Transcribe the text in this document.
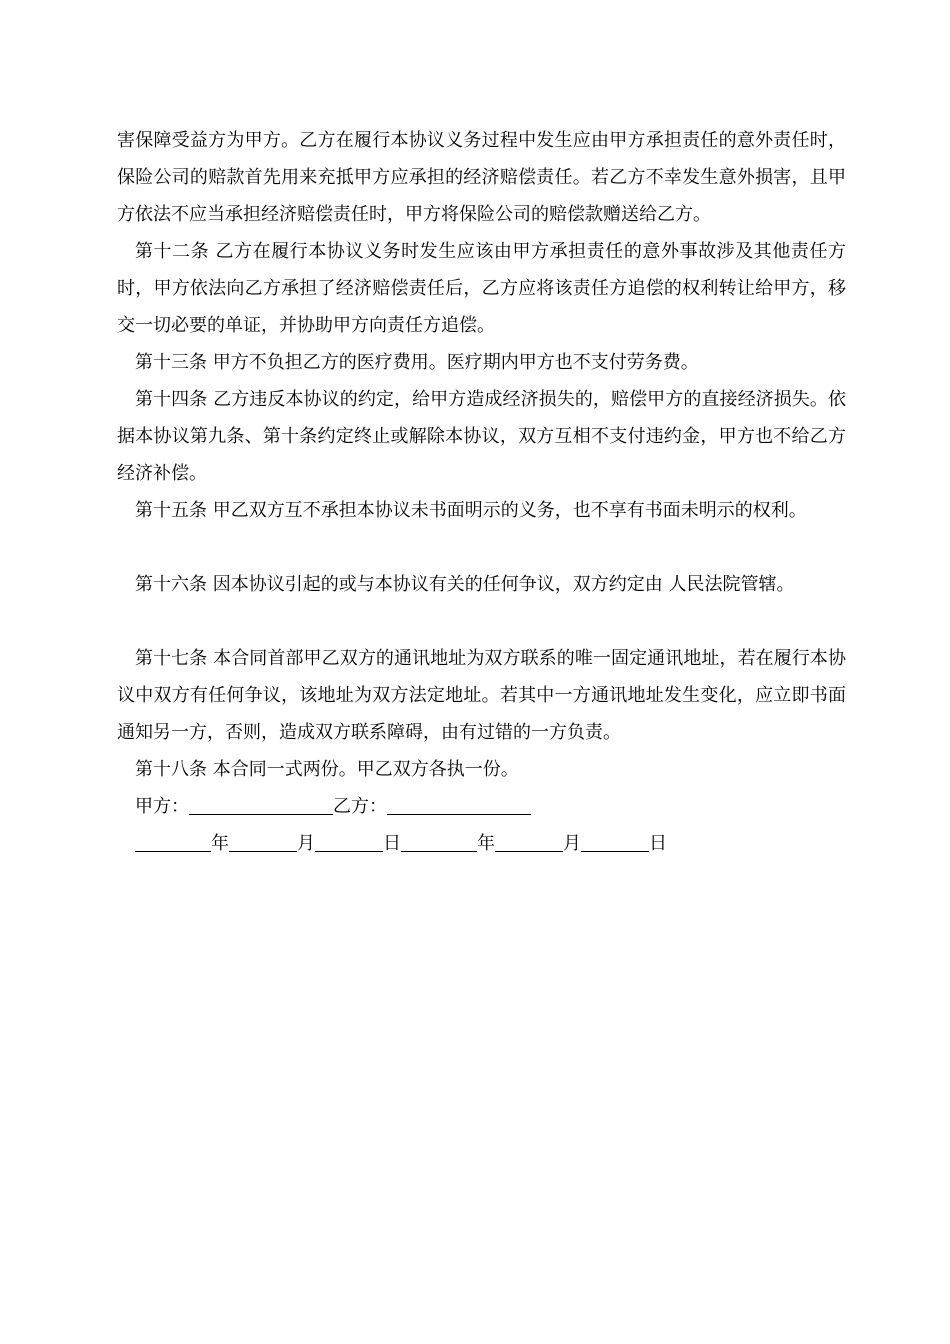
害保障受益方为甲方。乙方在履行本协议义务过程中发生应由甲方承担责任的意外责任时，保险公司的赔款首先用来充抵甲方应承担的经济赔偿责任。若乙方不幸发生意外损害，且甲方依法不应当承担经济赔偿责任时，甲方将保险公司的赔偿款赠送给乙方。

第十二条 乙方在履行本协议义务时发生应该由甲方承担责任的意外事故涉及其他责任方时，甲方依法向乙方承担了经济赔偿责任后，乙方应将该责任方追偿的权利转让给甲方，移交一切必要的单证，并协助甲方向责任方追偿。

第十三条 甲方不负担乙方的医疗费用。医疗期内甲方也不支付劳务费。

第十四条 乙方违反本协议的约定，给甲方造成经济损失的，赔偿甲方的直接经济损失。依据本协议第九条、第十条约定终止或解除本协议，双方互相不支付违约金，甲方也不给乙方经济补偿。

第十五条 甲乙双方互不承担本协议未书面明示的义务，也不享有书面未明示的权利。

第十六条 因本协议引起的或与本协议有关的任何争议，双方约定由 人民法院管辖。

第十七条 本合同首部甲乙双方的通讯地址为双方联系的唯一固定通讯地址，若在履行本协议中双方有任何争议，该地址为双方法定地址。若其中一方通讯地址发生变化，应立即书面通知另一方，否则，造成双方联系障碍，由有过错的一方负责。

第十八条 本合同一式两份。甲乙双方各执一份。

甲方：	乙方：

年	月	日	年	月	日
